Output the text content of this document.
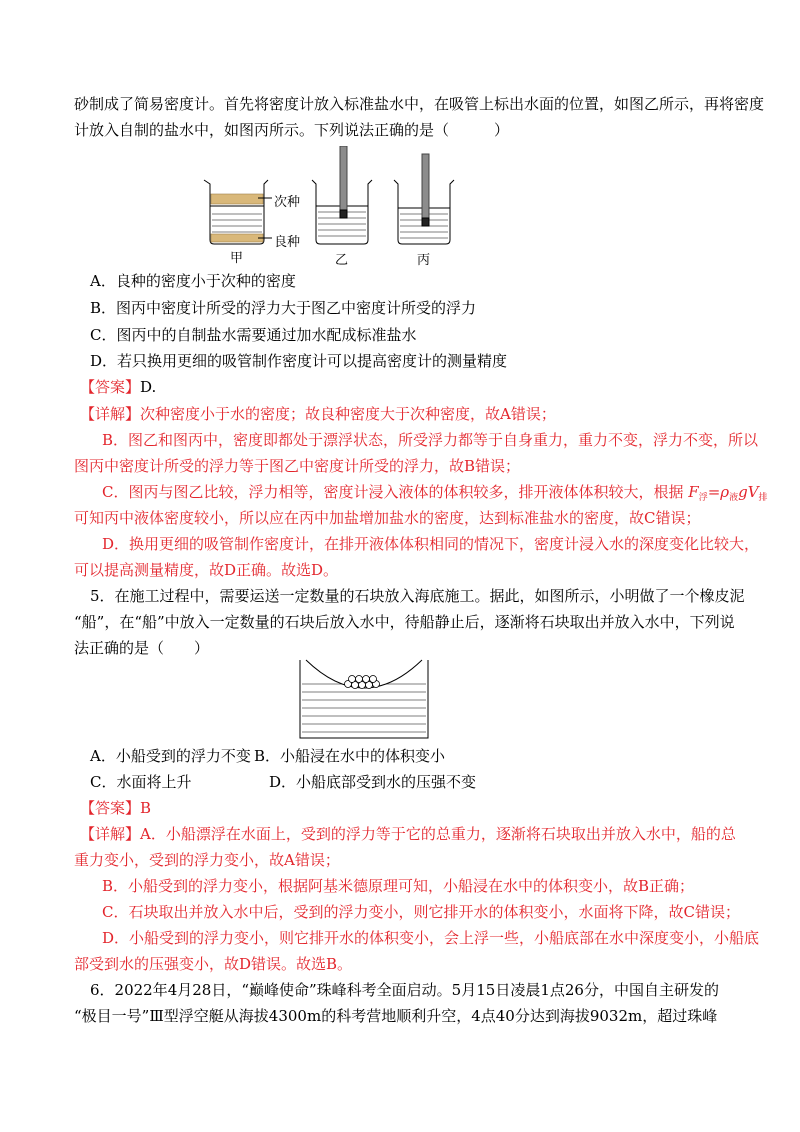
砂制成了简易密度计。首先将密度计放入标准盐水中，在吸管上标出水面的位置，如图乙所示，再将密度
计放入自制的盐水中，如图丙所示。下列说法正确的是（　　　）
次种
良种
甲	乙	丙
A．良种的密度小于次种的密度
B．图丙中密度计所受的浮力大于图乙中密度计所受的浮力
C．图丙中的自制盐水需要通过加水配成标准盐水
D．若只换用更细的吸管制作密度计可以提高密度计的测量精度
【答案】D.
【详解】次种密度小于水的密度；故良种密度大于次种密度，故A错误；
B．图乙和图丙中，密度即都处于漂浮状态，所受浮力都等于自身重力，重力不变，浮力不变，所以
图丙中密度计所受的浮力等于图乙中密度计所受的浮力，故B错误；
C．图丙与图乙比较，浮力相等，密度计浸入液体的体积较多，排开液体体积较大，根据 $F_浮=\rho_液gV_排$
可知丙中液体密度较小，所以应在丙中加盐增加盐水的密度，达到标准盐水的密度，故C错误；
D．换用更细的吸管制作密度计，在排开液体体积相同的情况下，密度计浸入水的深度变化比较大，
可以提高测量精度，故D正确。故选D。
5．在施工过程中，需要运送一定数量的石块放入海底施工。据此，如图所示，小明做了一个橡皮泥
“船”，在“船”中放入一定数量的石块后放入水中，待船静止后，逐渐将石块取出并放入水中，下列说
法正确的是（　　）
A．小船受到的浮力不变 B．小船浸在水中的体积变小
C．水面将上升	D．小船底部受到水的压强不变
【答案】B
【详解】A．小船漂浮在水面上，受到的浮力等于它的总重力，逐渐将石块取出并放入水中，船的总
重力变小，受到的浮力变小，故A错误；
B．小船受到的浮力变小，根据阿基米德原理可知，小船浸在水中的体积变小，故B正确；
C．石块取出并放入水中后，受到的浮力变小，则它排开水的体积变小，水面将下降，故C错误；
D．小船受到的浮力变小，则它排开水的体积变小，会上浮一些，小船底部在水中深度变小，小船底
部受到水的压强变小，故D错误。故选B。
6．2022年4月28日，“巅峰使命”珠峰科考全面启动。5月15日凌晨1点26分，中国自主研发的
“极目一号”Ⅲ型浮空艇从海拔4300m的科考营地顺利升空，4点40分达到海拔9032m，超过珠峰
